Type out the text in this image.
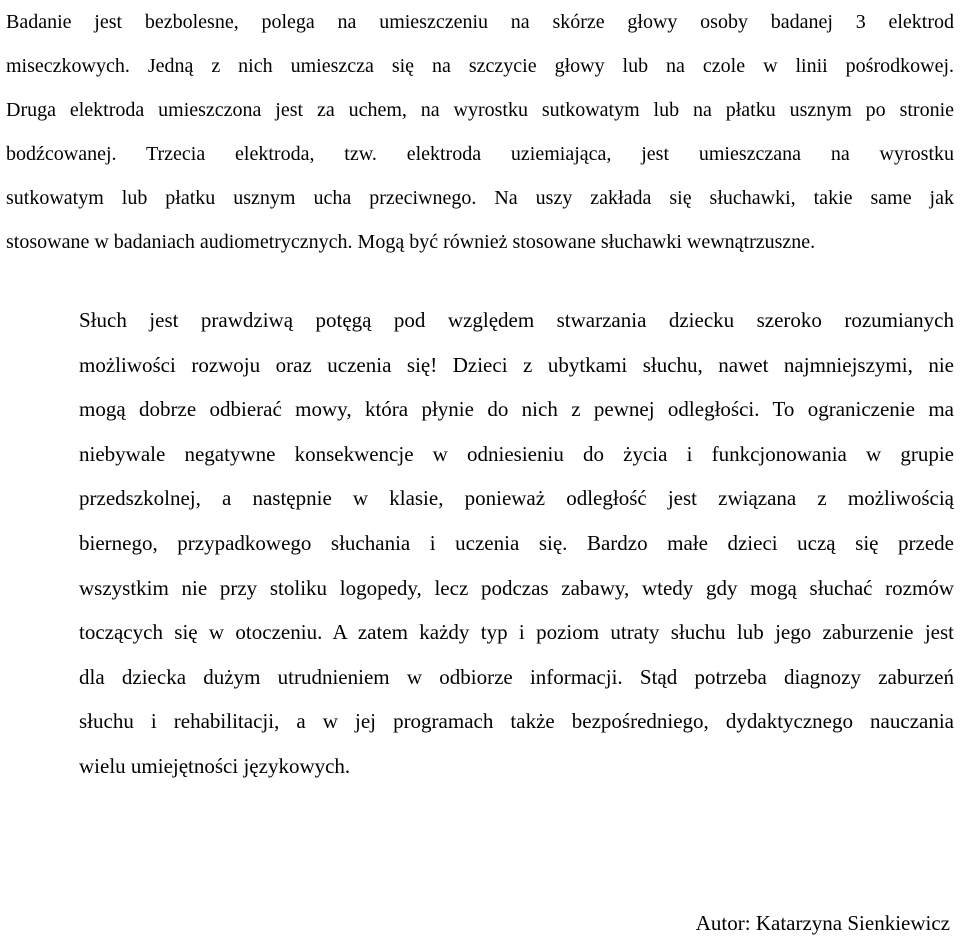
Badanie jest bezbolesne, polega na umieszczeniu na skórze głowy osoby badanej 3 elektrod
miseczkowych. Jedną z nich umieszcza się na szczycie głowy lub na czole w linii pośrodkowej.
Druga elektroda umieszczona jest za uchem, na wyrostku sutkowatym lub na płatku usznym po stronie
bodźcowanej. Trzecia elektroda, tzw. elektroda uziemiająca, jest umieszczana na wyrostku
sutkowatym lub płatku usznym ucha przeciwnego. Na uszy zakłada się słuchawki, takie same jak
stosowane w badaniach audiometrycznych. Mogą być również stosowane słuchawki wewnątrzuszne.
Słuch jest prawdziwą potęgą pod względem stwarzania dziecku szeroko rozumianych
możliwości rozwoju oraz uczenia się! Dzieci z ubytkami słuchu, nawet najmniejszymi, nie
mogą dobrze odbierać mowy, która płynie do nich z pewnej odległości. To ograniczenie ma
niebywale negatywne konsekwencje w odniesieniu do życia i funkcjonowania w grupie
przedszkolnej, a następnie w klasie, ponieważ odległość jest związana z możliwością
biernego, przypadkowego słuchania i uczenia się. Bardzo małe dzieci uczą się przede
wszystkim nie przy stoliku logopedy, lecz podczas zabawy, wtedy gdy mogą słuchać rozmów
toczących się w otoczeniu. A zatem każdy typ i poziom utraty słuchu lub jego zaburzenie jest
dla dziecka dużym utrudnieniem w odbiorze informacji. Stąd potrzeba diagnozy zaburzeń
słuchu i rehabilitacji, a w jej programach także bezpośredniego, dydaktycznego nauczania
wielu umiejętności językowych.
Autor: Katarzyna Sienkiewicz
